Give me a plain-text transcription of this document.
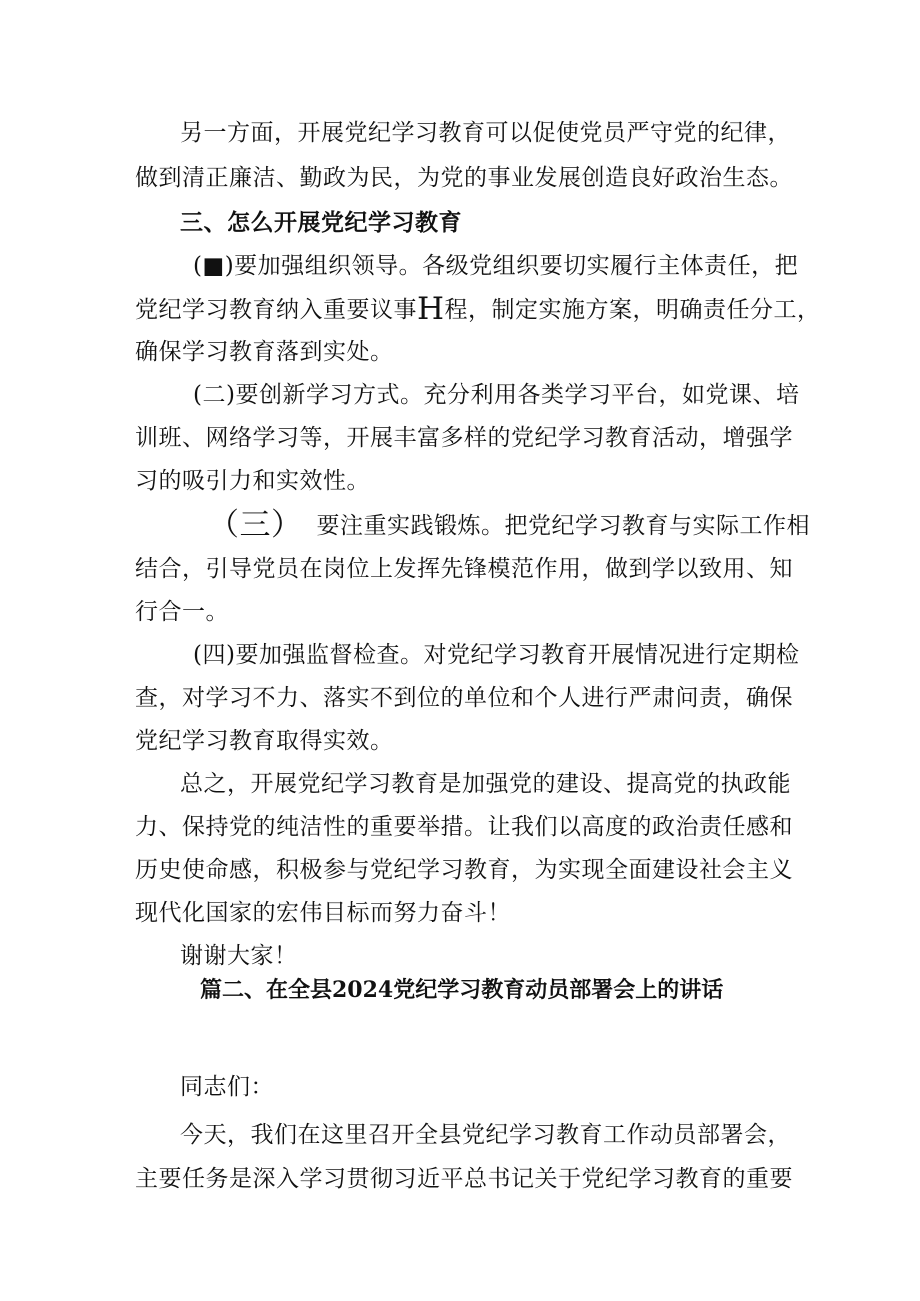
另一方面，开展党纪学习教育可以促使党员严守党的纪律，
做到清正廉洁、勤政为民，为党的事业发展创造良好政治生态。
三、怎么开展党纪学习教育
(■)要加强组织领导。各级党组织要切实履行主体责任，把
党纪学习教育纳入重要议事H程，制定实施方案，明确责任分工，
确保学习教育落到实处。
(二)要创新学习方式。充分利用各类学习平台，如党课、培
训班、网络学习等，开展丰富多样的党纪学习教育活动，增强学
习的吸引力和实效性。
（三） 要注重实践锻炼。把党纪学习教育与实际工作相
结合，引导党员在岗位上发挥先锋模范作用，做到学以致用、知
行合一。
(四)要加强监督检查。对党纪学习教育开展情况进行定期检
查，对学习不力、落实不到位的单位和个人进行严肃问责，确保
党纪学习教育取得实效。
总之，开展党纪学习教育是加强党的建设、提高党的执政能
力、保持党的纯洁性的重要举措。让我们以高度的政治责任感和
历史使命感，积极参与党纪学习教育，为实现全面建设社会主义
现代化国家的宏伟目标而努力奋斗！
谢谢大家！
篇二、在全县2024党纪学习教育动员部署会上的讲话
同志们：
今天，我们在这里召开全县党纪学习教育工作动员部署会，
主要任务是深入学习贯彻习近平总书记关于党纪学习教育的重要
